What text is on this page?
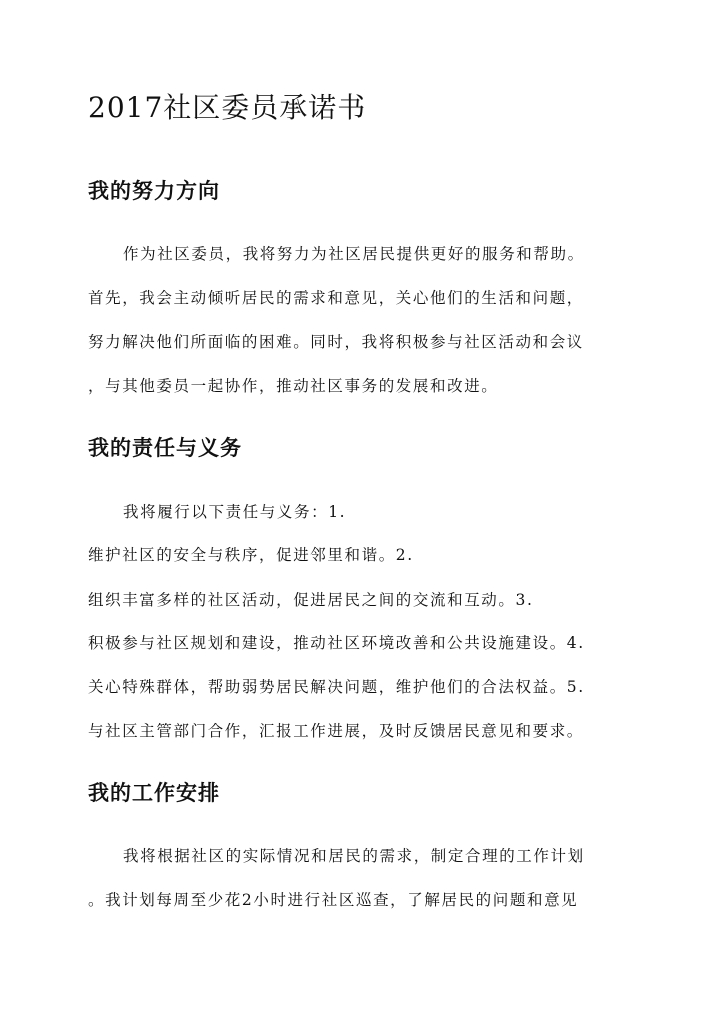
2017社区委员承诺书
我的努力方向

作为社区委员，我将努力为社区居民提供更好的服务和帮助。

首先，我会主动倾听居民的需求和意见，关心他们的生活和问题，

努力解决他们所面临的困难。同时，我将积极参与社区活动和会议

，与其他委员一起协作，推动社区事务的发展和改进。

我的责任与义务

我将履行以下责任与义务：1.

维护社区的安全与秩序，促进邻里和谐。2.

组织丰富多样的社区活动，促进居民之间的交流和互动。3.

积极参与社区规划和建设，推动社区环境改善和公共设施建设。4.

关心特殊群体，帮助弱势居民解决问题，维护他们的合法权益。5.

与社区主管部门合作，汇报工作进展，及时反馈居民意见和要求。

我的工作安排

我将根据社区的实际情况和居民的需求，制定合理的工作计划

。我计划每周至少花2小时进行社区巡查，了解居民的问题和意见
